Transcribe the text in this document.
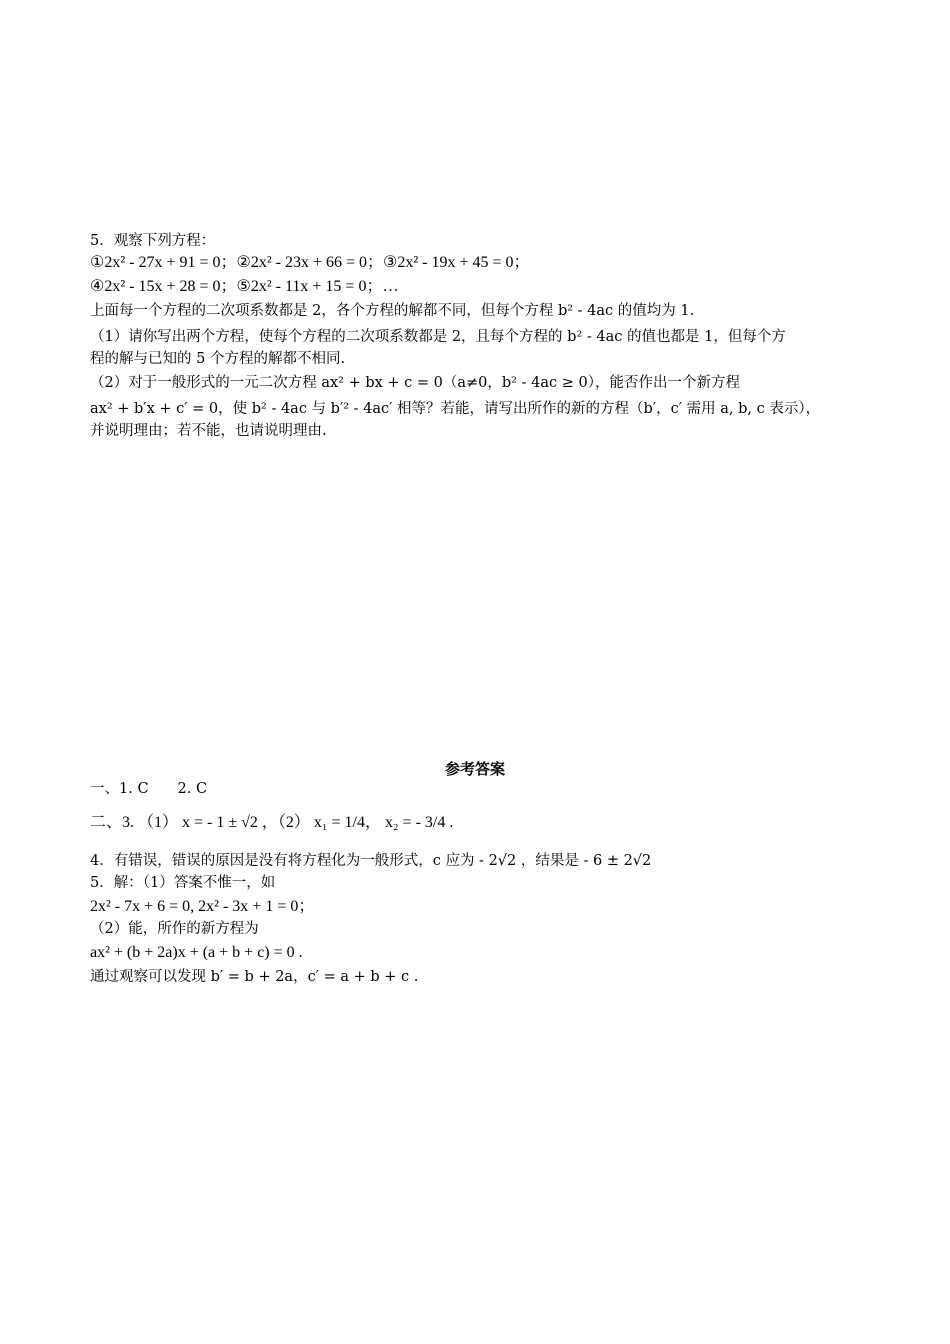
5．观察下列方程：
①2x² - 27x + 91 = 0；②2x² - 23x + 66 = 0；③2x² - 19x + 45 = 0；
④2x² - 15x + 28 = 0；⑤2x² - 11x + 15 = 0；…
上面每一个方程的二次项系数都是 2，各个方程的解都不同，但每个方程 b² - 4ac 的值均为 1.
（1）请你写出两个方程，使每个方程的二次项系数都是 2，且每个方程的 b² - 4ac 的值也都是 1，但每个方
程的解与已知的 5 个方程的解都不相同.
（2）对于一般形式的一元二次方程 ax² + bx + c = 0（a≠0，b² - 4ac ≥ 0），能否作出一个新方程
ax² + b′x + c′ = 0，使 b² - 4ac 与 b′² - 4ac′ 相等？若能，请写出所作的新的方程（b′，c′ 需用 a, b, c 表示），
并说明理由；若不能，也请说明理由.
参考答案
一、1. C　　2. C
二、3. （1） x = - 1 ± √2 ，（2） x₁ = 1/4， x₂ = - 3/4 .
4．有错误，错误的原因是没有将方程化为一般形式，c 应为 - 2√2 ，结果是 - 6 ± 2√2
5．解：（1）答案不惟一，如
2x² - 7x + 6 = 0, 2x² - 3x + 1 = 0；
（2）能，所作的新方程为
ax² + (b + 2a)x + (a + b + c) = 0 .
通过观察可以发现 b′ = b + 2a，c′ = a + b + c .
